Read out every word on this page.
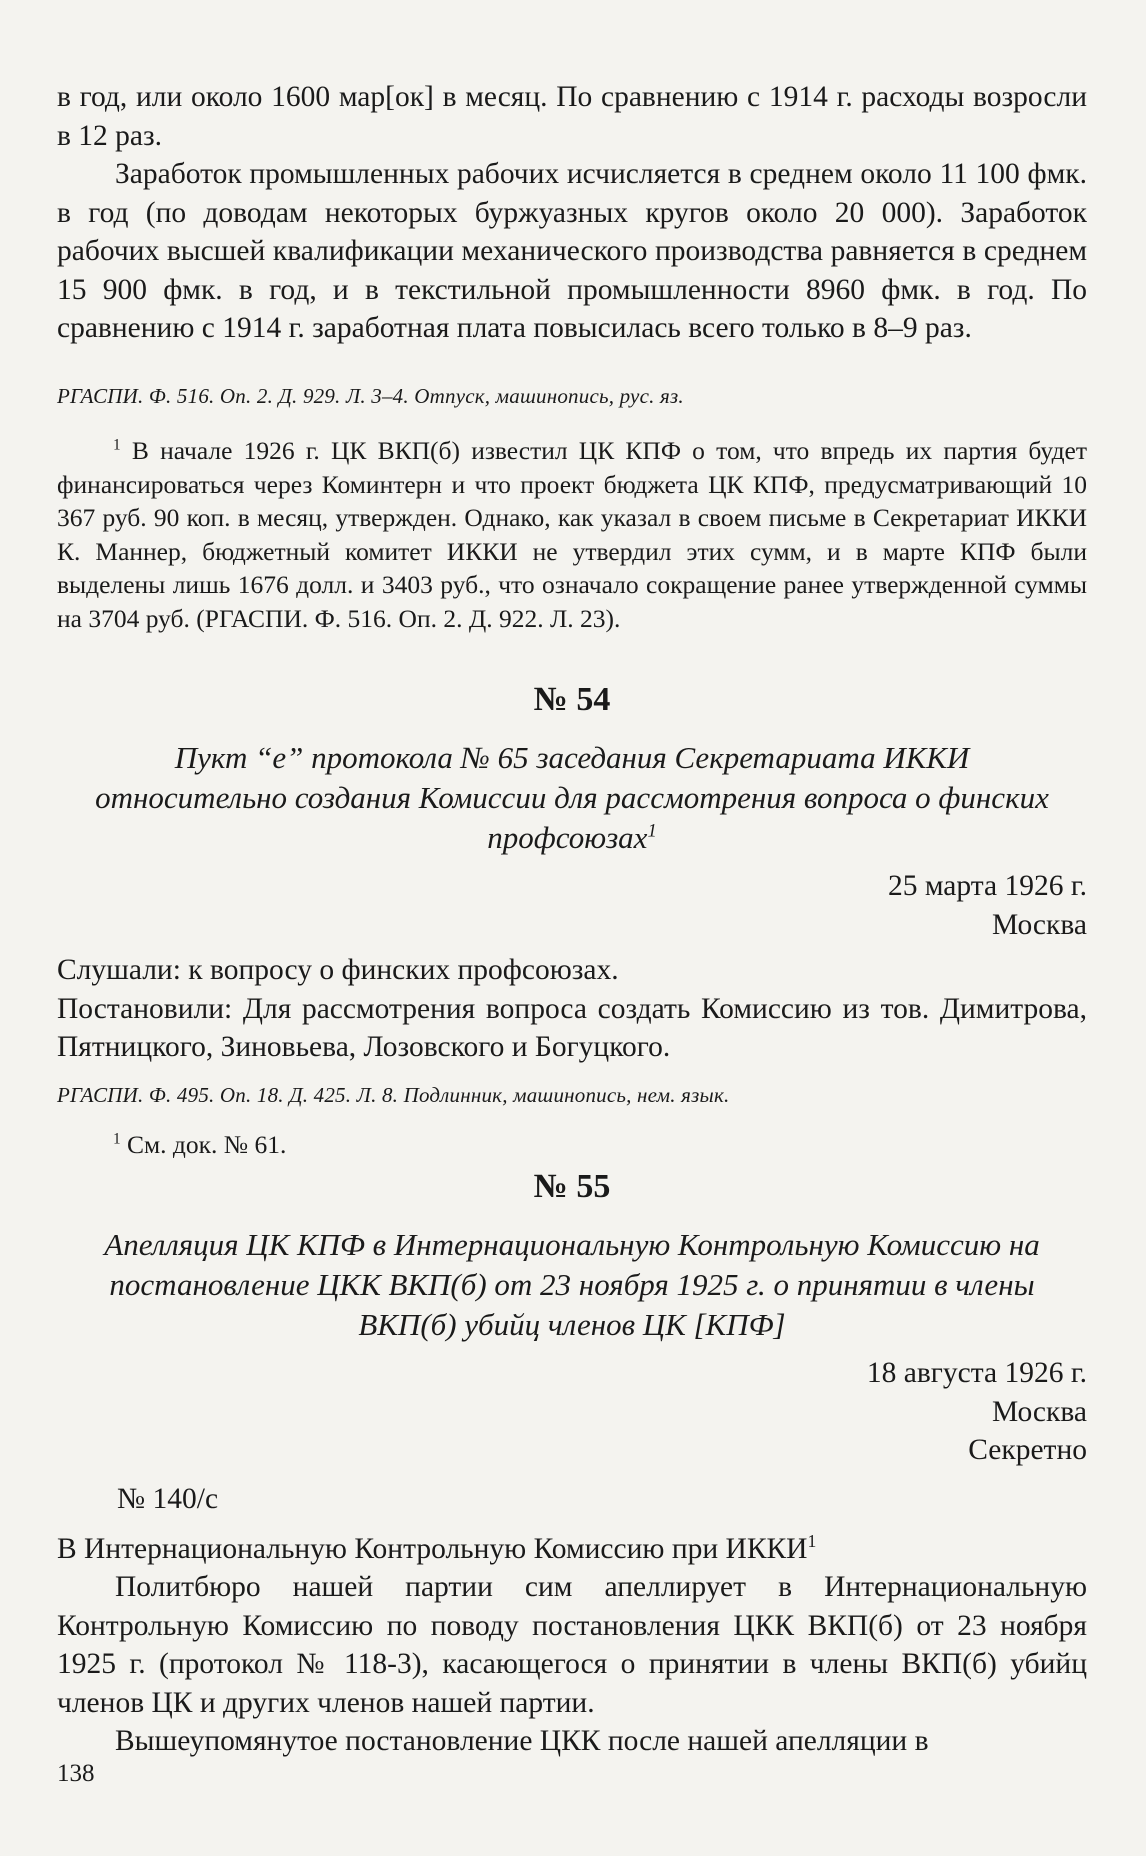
в год, или около 1600 мар[ок] в месяц. По сравнению с 1914 г. расходы возросли в 12 раз.

Заработок промышленных рабочих исчисляется в среднем около 11 100 фмк. в год (по доводам некоторых буржуазных кругов около 20 000). Заработок рабочих высшей квалификации механического производства равняется в среднем 15 900 фмк. в год, и в текстильной промышленности 8960 фмк. в год. По сравнению с 1914 г. заработная плата повысилась всего только в 8–9 раз.

РГАСПИ. Ф. 516. Оп. 2. Д. 929. Л. 3–4. Отпуск, машинопись, рус. яз.

$^1$ В начале 1926 г. ЦК ВКП(б) известил ЦК КПФ о том, что впредь их партия будет финансироваться через Коминтерн и что проект бюджета ЦК КПФ, предусматривающий 10 367 руб. 90 коп. в месяц, утвержден. Однако, как указал в своем письме в Секретариат ИККИ К. Маннер, бюджетный комитет ИККИ не утвердил этих сумм, и в марте КПФ были выделены лишь 1676 долл. и 3403 руб., что означало сокращение ранее утвержденной суммы на 3704 руб. (РГАСПИ. Ф. 516. Оп. 2. Д. 922. Л. 23).

№ 54

Пукт “е” протокола № 65 заседания Секретариата ИККИ относительно создания Комиссии для рассмотрения вопроса о финских профсоюзах$^1$

25 марта 1926 г.

Москва

Слушали: к вопросу о финских профсоюзах.

Постановили: Для рассмотрения вопроса создать Комиссию из тов. Димитрова, Пятницкого, Зиновьева, Лозовского и Богуцкого.

РГАСПИ. Ф. 495. Оп. 18. Д. 425. Л. 8. Подлинник, машинопись, нем. язык.

$^1$ См. док. № 61.

№ 55

Апелляция ЦК КПФ в Интернациональную Контрольную Комиссию на постановление ЦКК ВКП(б) от 23 ноября 1925 г. о принятии в члены ВКП(б) убийц членов ЦК [КПФ]

18 августа 1926 г.

Москва

Секретно

№ 140/с

В Интернациональную Контрольную Комиссию при ИККИ$^1$

Политбюро нашей партии сим апеллирует в Интернациональную Контрольную Комиссию по поводу постановления ЦКК ВКП(б) от 23 ноября 1925 г. (протокол № 118-3), касающегося о принятии в члены ВКП(б) убийц членов ЦК и других членов нашей партии.

Вышеупомянутое постановление ЦКК после нашей апелляции в

138
